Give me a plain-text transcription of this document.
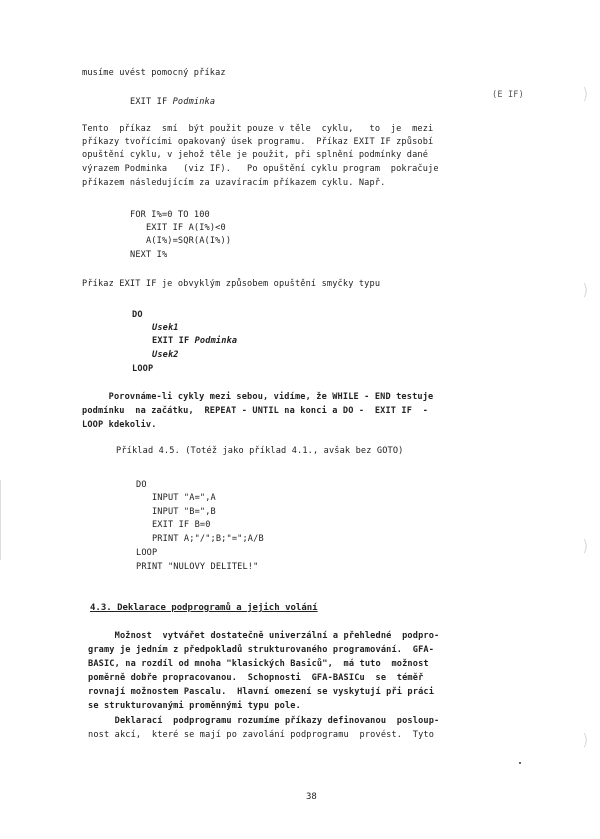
musíme uvést pomocný příkaz
EXIT IF Podminka
(E IF)
Tento  příkaz  smí  být použit pouze v těle  cyklu,   to  je  mezi
příkazy tvořícími opakovaný úsek programu.  Příkaz EXIT IF způsobí
opuštění cyklu, v jehož těle je použit, při splnění podmínky dané
výrazem Podminka   (viz IF).   Po opuštění cyklu program  pokračuje
příkazem následujícím za uzavíracím příkazem cyklu. Např.
FOR I%=0 TO 100
EXIT IF A(I%)<0
A(I%)=SQR(A(I%))
NEXT I%
Příkaz EXIT IF je obvyklým způsobem opuštění smyčky typu
DO
Usek1
EXIT IF Podminka
Usek2
LOOP
Porovnáme-li cykly mezi sebou, vidíme, že WHILE - END testuje
podmínku  na začátku,  REPEAT - UNTIL na konci a DO -  EXIT IF  -
LOOP kdekoliv.
Příklad 4.5. (Totéž jako příklad 4.1., avšak bez GOTO)
DO
INPUT "A=",A
INPUT "B=",B
EXIT IF B=0
PRINT A;"/";B;"=";A/B
LOOP
PRINT "NULOVY DELITEL!"
4.3. Deklarace podprogramů a jejich volání
Možnost  vytvářet dostatečně univerzální a přehledné  podpro-
gramy je jedním z předpokladů strukturovaného programování.  GFA-
BASIC, na rozdíl od mnoha "klasických Basiců",  má tuto  možnost
poměrně dobře propracovanou.  Schopnosti  GFA-BASICu  se  téměř
rovnají možnostem Pascalu.  Hlavní omezení se vyskytují při práci
se strukturovanými proměnnými typu pole.
Deklarací  podprogramu rozumíme příkazy definovanou  posloup-
nost akcí,  které se mají po zavolání podprogramu  provést.  Tyto
38
)
)
)
)
